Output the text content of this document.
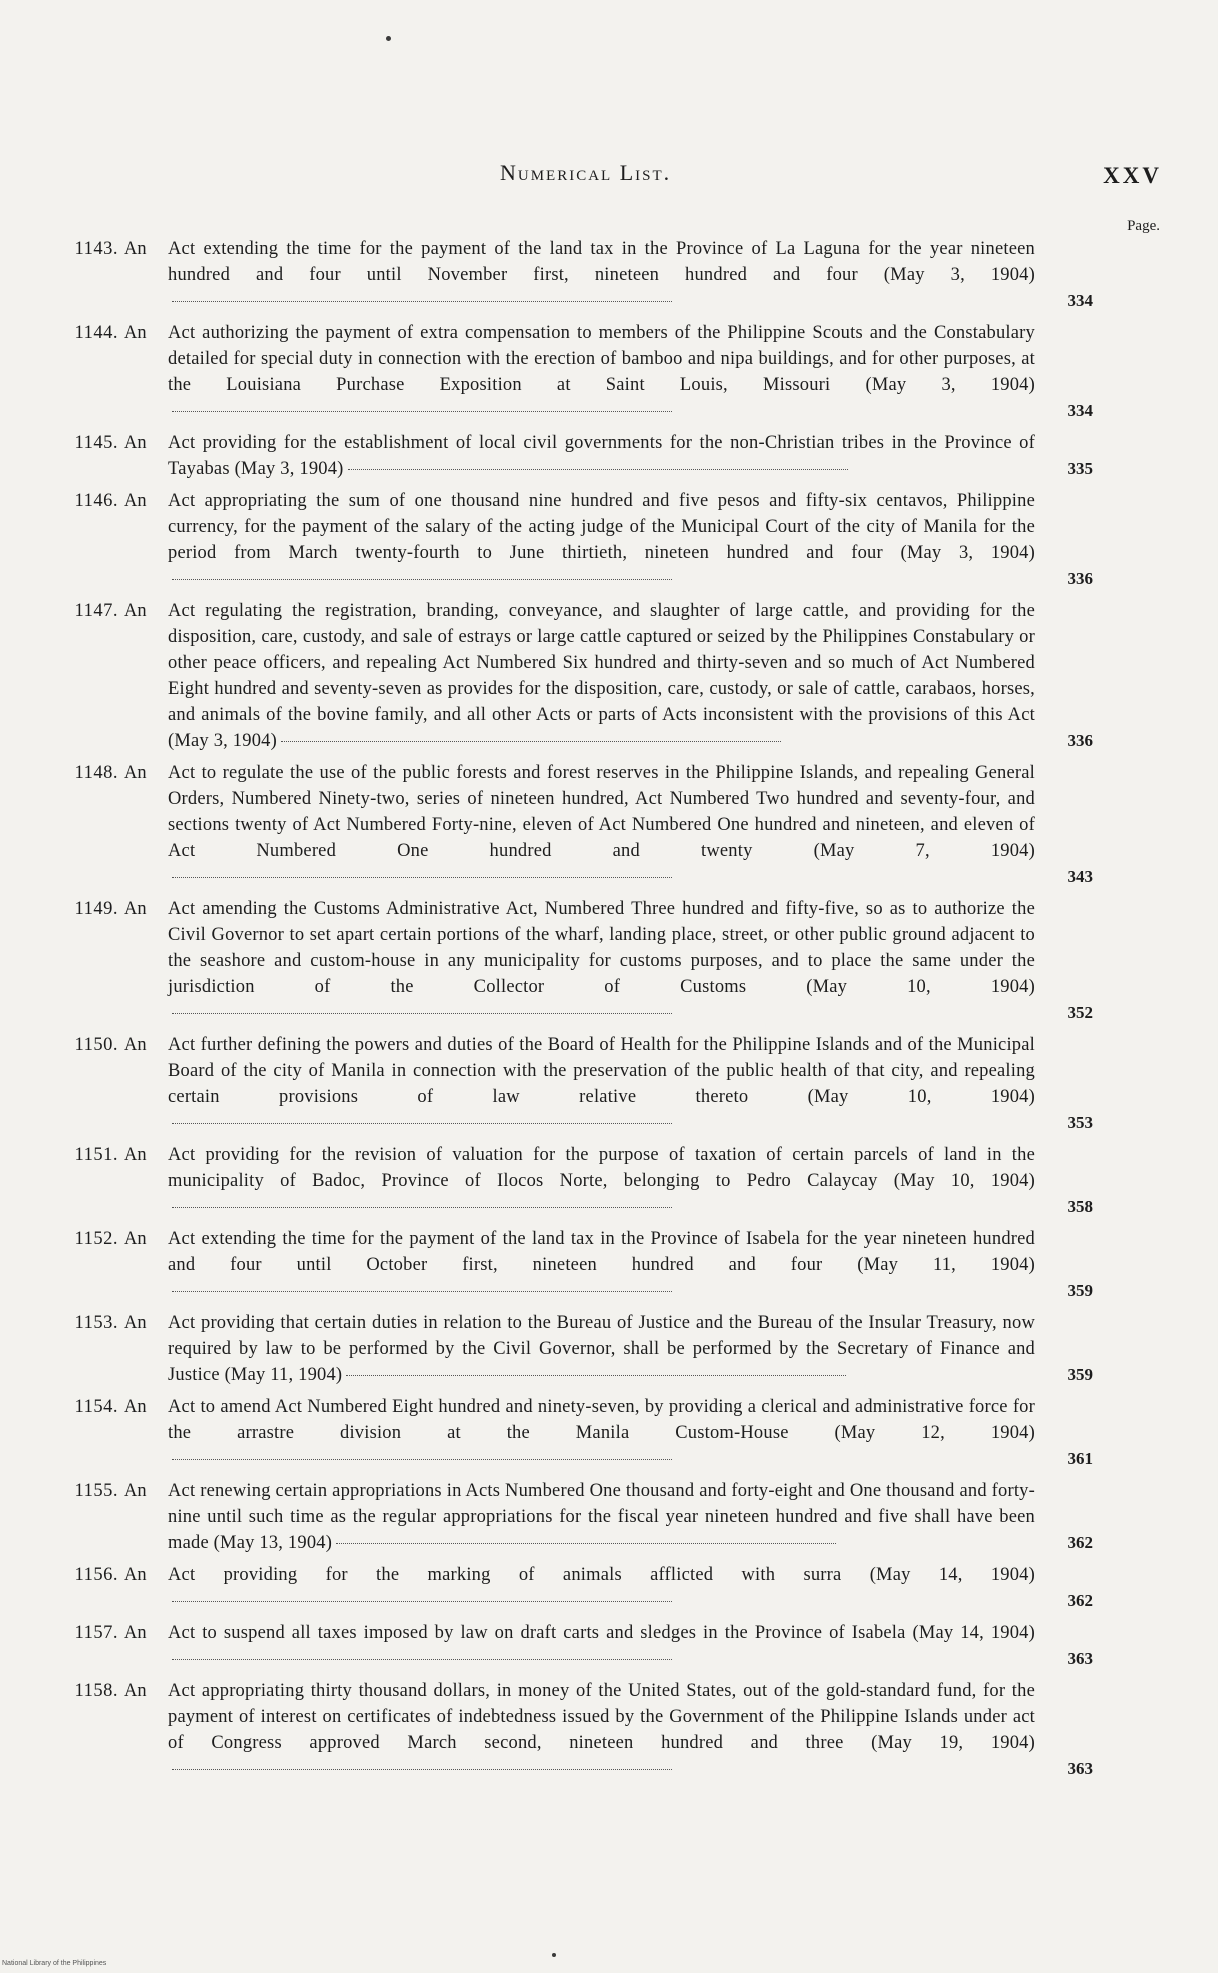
Numerical List.	XXV
Page.
1143. An Act extending the time for the payment of the land tax in the Province of La Laguna for the year nineteen hundred and four until November first, nineteen hundred and four (May 3, 1904)
334
1144. An Act authorizing the payment of extra compensation to members of the Philippine Scouts and the Constabulary detailed for special duty in connection with the erection of bamboo and nipa buildings, and for other purposes, at the Louisiana Purchase Exposition at Saint Louis, Missouri (May 3, 1904)
334
1145. An Act providing for the establishment of local civil governments for the non-Christian tribes in the Province of Tayabas (May 3, 1904)	335
1146. An Act appropriating the sum of one thousand nine hundred and five pesos and fifty-six centavos, Philippine currency, for the payment of the salary of the acting judge of the Municipal Court of the city of Manila for the period from March twenty-fourth to June thirtieth, nineteen hundred and four (May 3, 1904)
336
1147. An Act regulating the registration, branding, conveyance, and slaughter of large cattle, and providing for the disposition, care, custody, and sale of estrays or large cattle captured or seized by the Philippines Constabulary or other peace officers, and repealing Act Numbered Six hundred and thirty-seven and so much of Act Numbered Eight hundred and seventy-seven as provides for the disposition, care, custody, or sale of cattle, carabaos, horses, and animals of the bovine family, and all other Acts or parts of Acts inconsistent with the provisions of this Act (May 3, 1904)	336
1148. An Act to regulate the use of the public forests and forest reserves in the Philippine Islands, and repealing General Orders, Numbered Ninety-two, series of nineteen hundred, Act Numbered Two hundred and seventy-four, and sections twenty of Act Numbered Forty-nine, eleven of Act Numbered One hundred and nineteen, and eleven of Act Numbered One hundred and twenty (May 7, 1904)
343
1149. An Act amending the Customs Administrative Act, Numbered Three hundred and fifty-five, so as to authorize the Civil Governor to set apart certain portions of the wharf, landing place, street, or other public ground adjacent to the seashore and custom-house in any municipality for customs purposes, and to place the same under the jurisdiction of the Collector of Customs (May 10, 1904)
352
1150. An Act further defining the powers and duties of the Board of Health for the Philippine Islands and of the Municipal Board of the city of Manila in connection with the preservation of the public health of that city, and repealing certain provisions of law relative thereto (May 10, 1904)
353
1151. An Act providing for the revision of valuation for the purpose of taxation of certain parcels of land in the municipality of Badoc, Province of Ilocos Norte, belonging to Pedro Calaycay (May 10, 1904)
358
1152. An Act extending the time for the payment of the land tax in the Province of Isabela for the year nineteen hundred and four until October first, nineteen hundred and four (May 11, 1904)
359
1153. An Act providing that certain duties in relation to the Bureau of Justice and the Bureau of the Insular Treasury, now required by law to be performed by the Civil Governor, shall be performed by the Secretary of Finance and Justice (May 11, 1904)	359
1154. An Act to amend Act Numbered Eight hundred and ninety-seven, by providing a clerical and administrative force for the arrastre division at the Manila Custom-House (May 12, 1904)
361
1155. An Act renewing certain appropriations in Acts Numbered One thousand and forty-eight and One thousand and forty-nine until such time as the regular appropriations for the fiscal year nineteen hundred and five shall have been made (May 13, 1904)	362
1156. An Act providing for the marking of animals afflicted with surra (May 14, 1904)
362
1157. An Act to suspend all taxes imposed by law on draft carts and sledges in the Province of Isabela (May 14, 1904)
363
1158. An Act appropriating thirty thousand dollars, in money of the United States, out of the gold-standard fund, for the payment of interest on certificates of indebtedness issued by the Government of the Philippine Islands under act of Congress approved March second, nineteen hundred and three (May 19, 1904)
363
National Library of the Philippines
